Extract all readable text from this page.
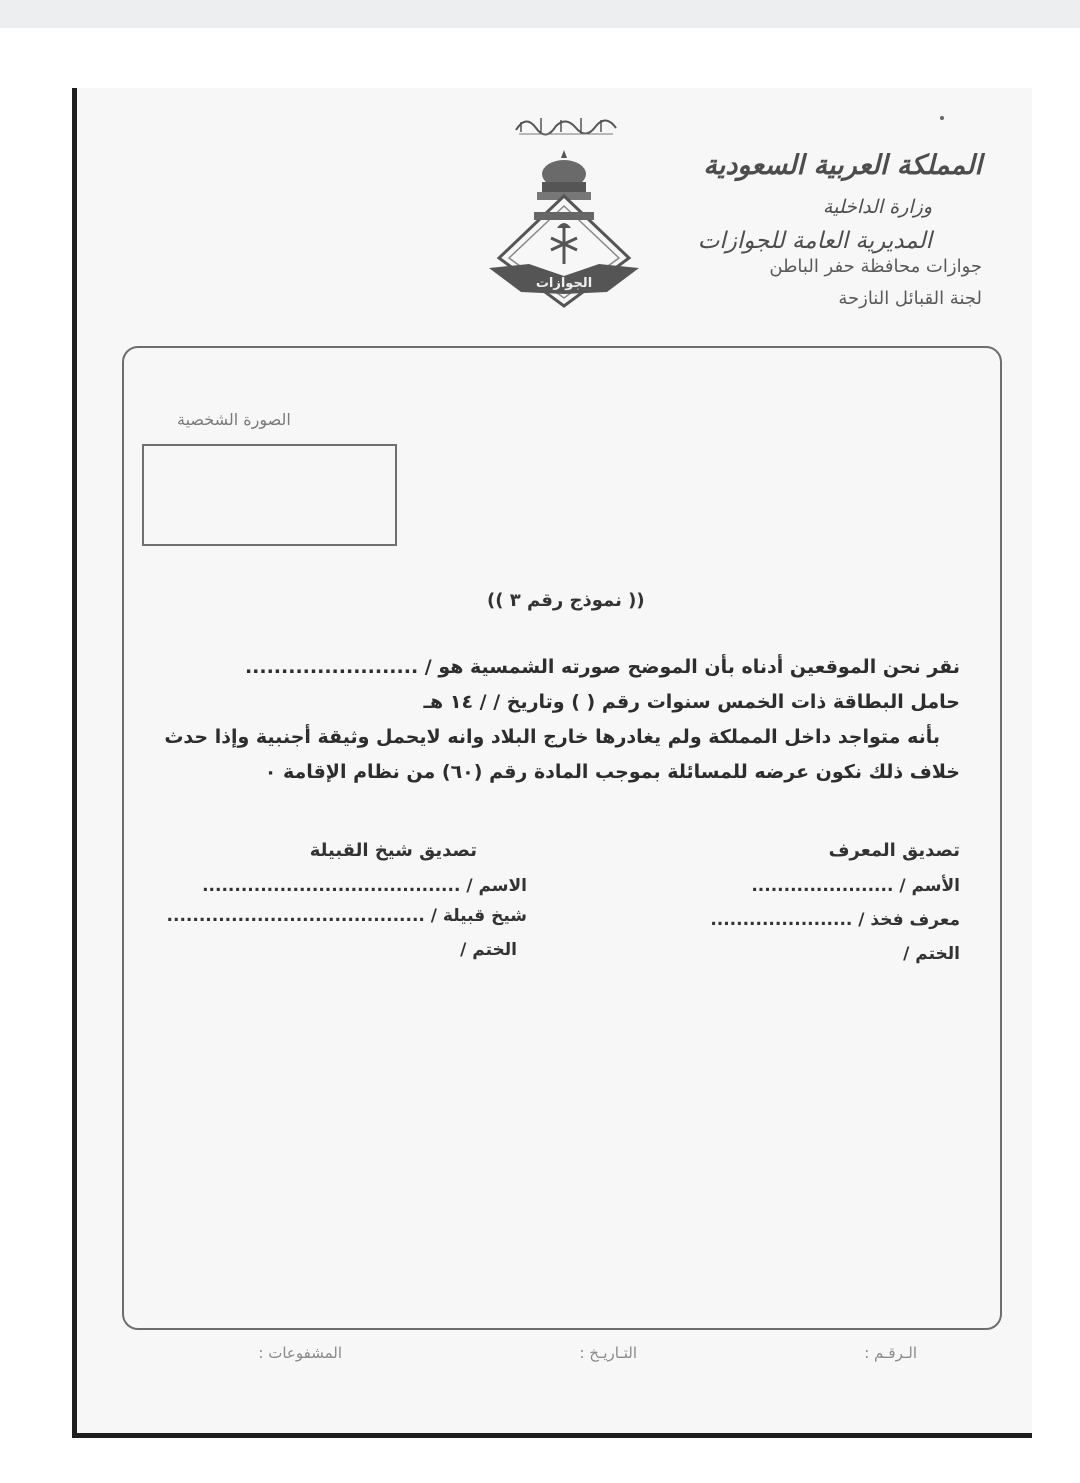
الجوازات
المملكة العربية السعودية
وزارة الداخلية
المديرية العامة للجوازات
جوازات محافظة حفر الباطن
لجنة القبائل النازحة
الصورة الشخصية
(( نموذج رقم ٣ ))

نقر نحن الموقعين أدناه بأن الموضح صورته الشمسية هو / ........................

حامل البطاقة ذات الخمس سنوات رقم ( ) وتاريخ / / ١٤ هـ

بأنه متواجد داخل المملكة ولم يغادرها خارج البلاد وانه لايحمل وثيقة أجنبية وإذا حدث

خلاف ذلك نكون عرضه للمسائلة بموجب المادة رقم (٦٠) من نظام الإقامة ٠

تصديق المعرف
الأسم / ......................
معرف فخذ / ......................
الختم /
تصديق شيخ القبيلة
الاسم / ........................................
شيخ قبيلة / ........................................
الختم /
الـرقـم :
التـاريـخ :
المشفوعات :
